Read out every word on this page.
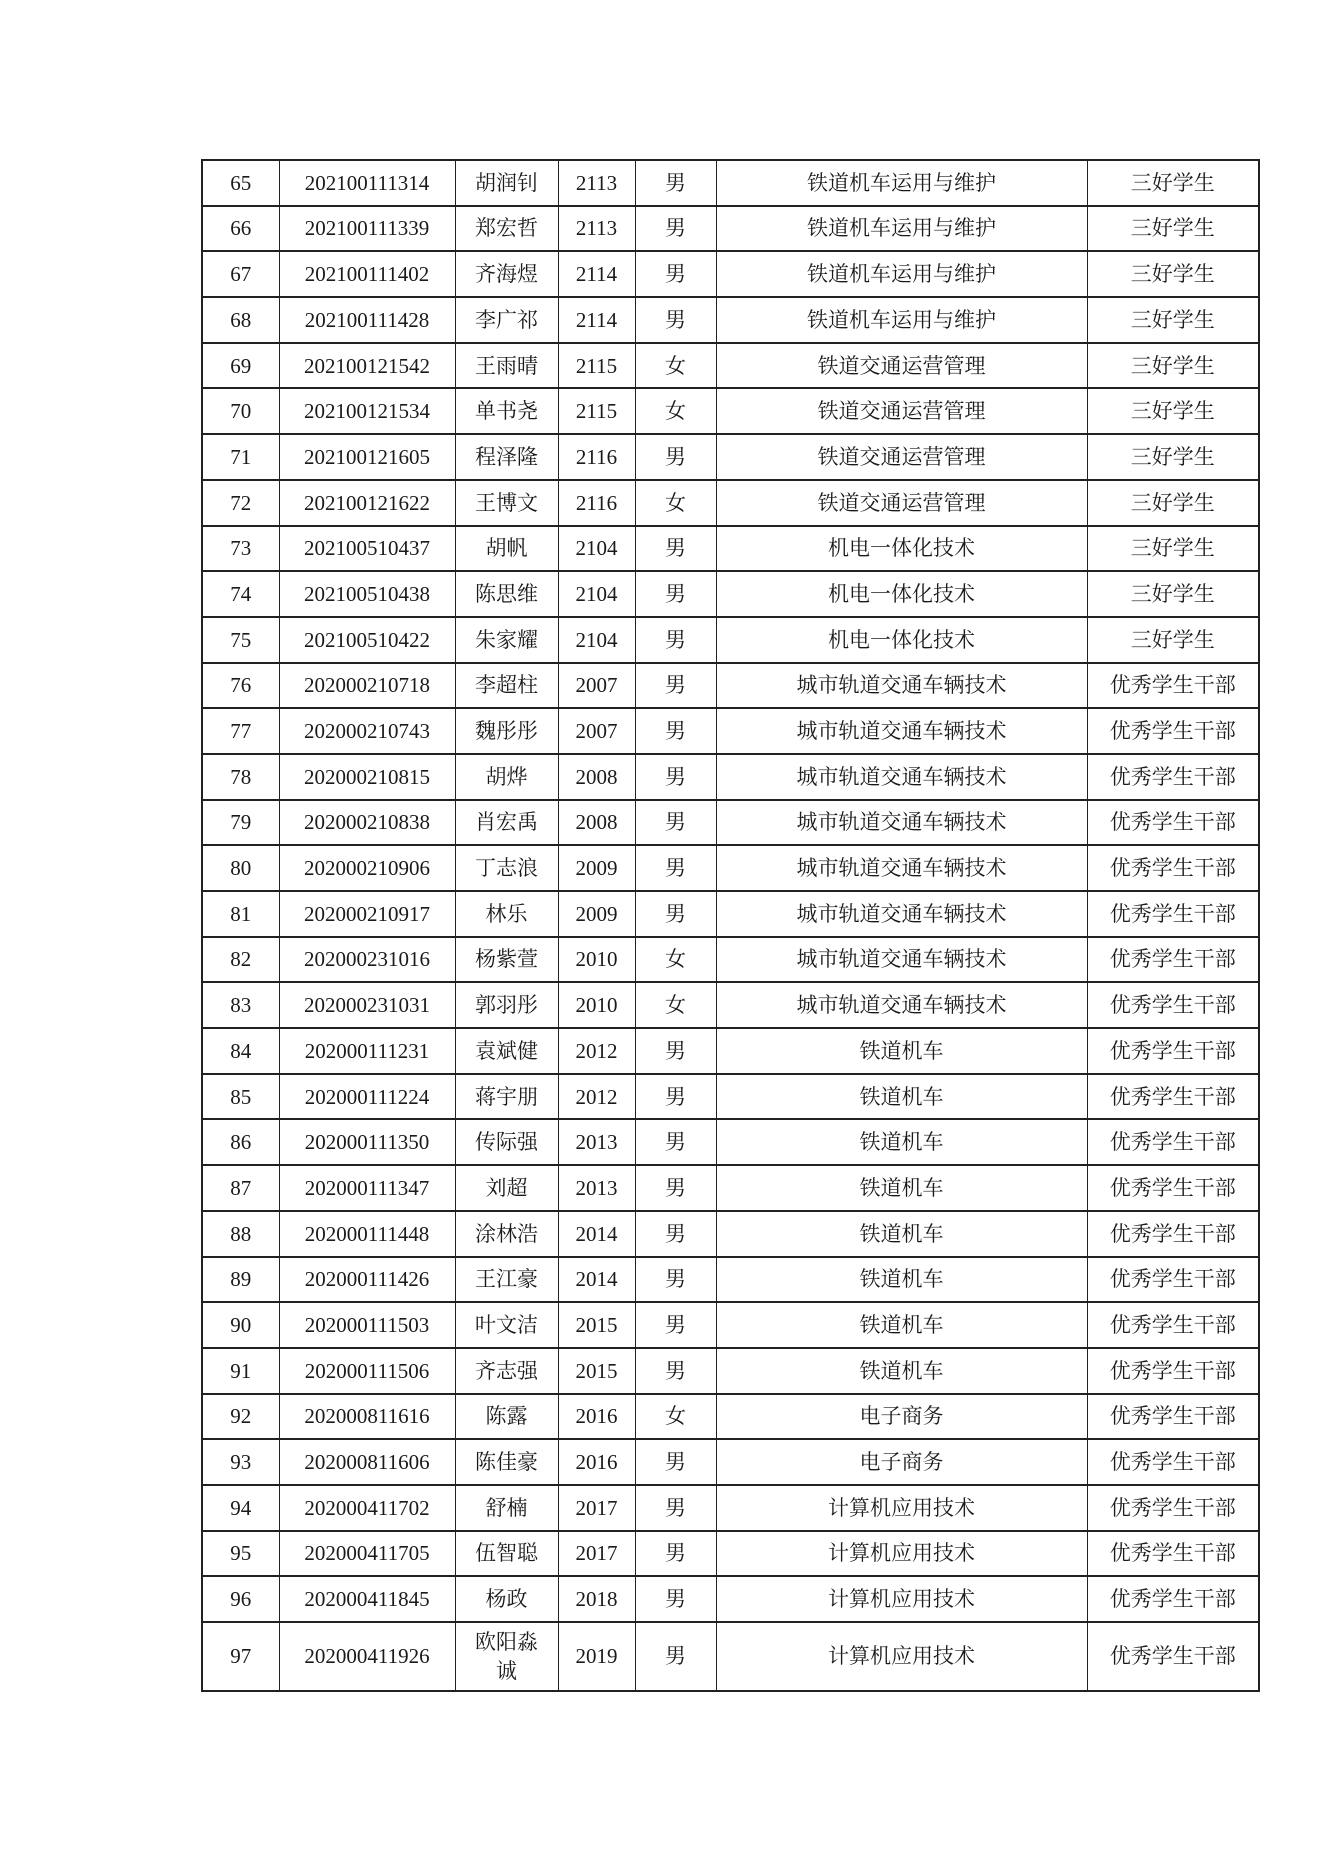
65	202100111314	胡润钊	2113	男	铁道机车运用与维护	三好学生
66	202100111339	郑宏哲	2113	男	铁道机车运用与维护	三好学生
67	202100111402	齐海煜	2114	男	铁道机车运用与维护	三好学生
68	202100111428	李广祁	2114	男	铁道机车运用与维护	三好学生
69	202100121542	王雨晴	2115	女	铁道交通运营管理	三好学生
70	202100121534	单书尧	2115	女	铁道交通运营管理	三好学生
71	202100121605	程泽隆	2116	男	铁道交通运营管理	三好学生
72	202100121622	王博文	2116	女	铁道交通运营管理	三好学生
73	202100510437	胡帆	2104	男	机电一体化技术	三好学生
74	202100510438	陈思维	2104	男	机电一体化技术	三好学生
75	202100510422	朱家耀	2104	男	机电一体化技术	三好学生
76	202000210718	李超柱	2007	男	城市轨道交通车辆技术	优秀学生干部
77	202000210743	魏彤彤	2007	男	城市轨道交通车辆技术	优秀学生干部
78	202000210815	胡烨	2008	男	城市轨道交通车辆技术	优秀学生干部
79	202000210838	肖宏禹	2008	男	城市轨道交通车辆技术	优秀学生干部
80	202000210906	丁志浪	2009	男	城市轨道交通车辆技术	优秀学生干部
81	202000210917	林乐	2009	男	城市轨道交通车辆技术	优秀学生干部
82	202000231016	杨紫萱	2010	女	城市轨道交通车辆技术	优秀学生干部
83	202000231031	郭羽彤	2010	女	城市轨道交通车辆技术	优秀学生干部
84	202000111231	袁斌健	2012	男	铁道机车	优秀学生干部
85	202000111224	蒋宇朋	2012	男	铁道机车	优秀学生干部
86	202000111350	传际强	2013	男	铁道机车	优秀学生干部
87	202000111347	刘超	2013	男	铁道机车	优秀学生干部
88	202000111448	涂林浩	2014	男	铁道机车	优秀学生干部
89	202000111426	王江豪	2014	男	铁道机车	优秀学生干部
90	202000111503	叶文洁	2015	男	铁道机车	优秀学生干部
91	202000111506	齐志强	2015	男	铁道机车	优秀学生干部
92	202000811616	陈露	2016	女	电子商务	优秀学生干部
93	202000811606	陈佳豪	2016	男	电子商务	优秀学生干部
94	202000411702	舒楠	2017	男	计算机应用技术	优秀学生干部
95	202000411705	伍智聪	2017	男	计算机应用技术	优秀学生干部
96	202000411845	杨政	2018	男	计算机应用技术	优秀学生干部
97	202000411926	欧阳淼诚	2019	男	计算机应用技术	优秀学生干部
